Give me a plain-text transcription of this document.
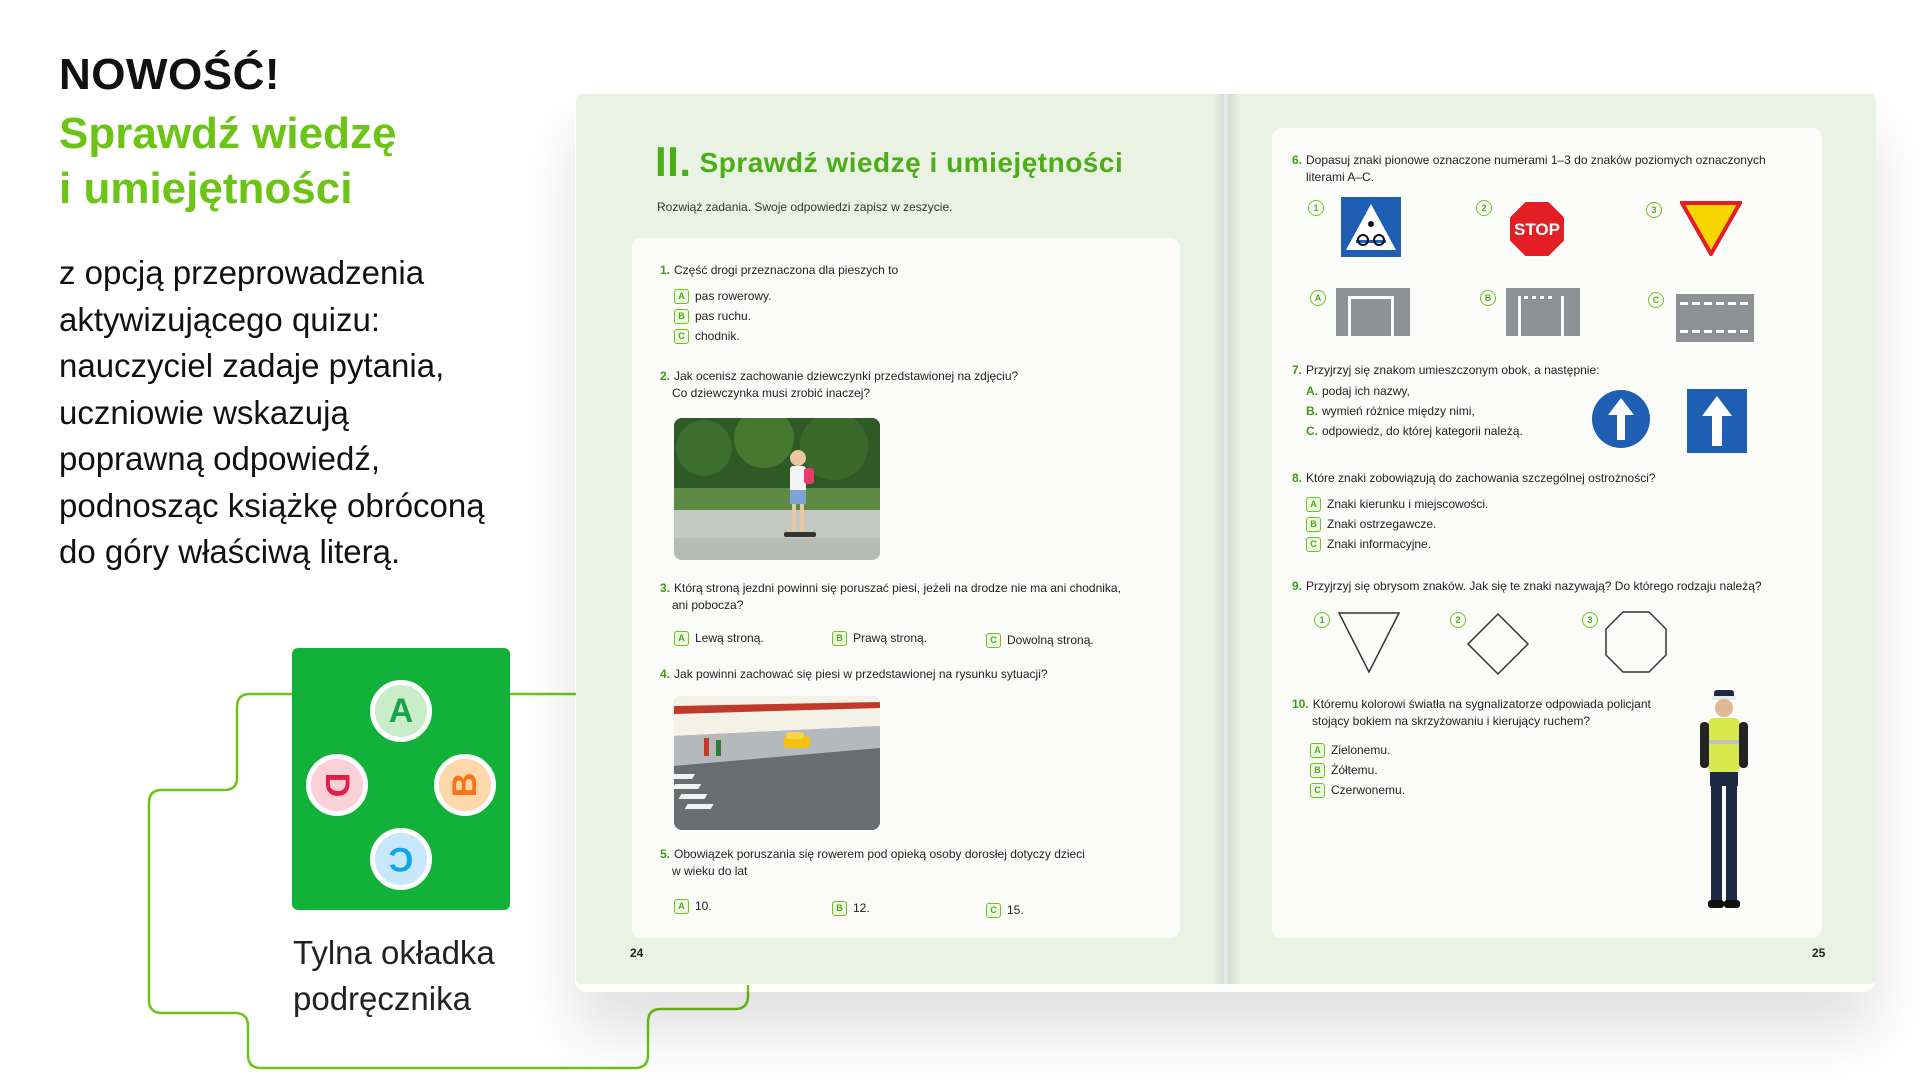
NOWOŚĆ!
Sprawdź wiedzę
i umiejętności
z opcją przeprowadzenia
aktywizującego quizu:
nauczyciel zadaje pytania,
uczniowie wskazują
poprawną odpowiedź,
podnosząc książkę obróconą
do góry właściwą literą.
A
D	B
C
Tylna okładka
podręcznika
II. Sprawdź wiedzę i umiejętności
Rozwiąż zadania. Swoje odpowiedzi zapisz w zeszycie.
1. Część drogi przeznaczona dla pieszych to
A pas rowerowy.
B pas ruchu.
C chodnik.
2. Jak ocenisz zachowanie dziewczynki przedstawionej na zdjęciu?
Co dziewczynka musi zrobić inaczej?
3. Którą stroną jezdni powinni się poruszać piesi, jeżeli na drodze nie ma ani chodnika,
ani pobocza?
A Lewą stroną.	B Prawą stroną.	C Dowolną stroną.
4. Jak powinni zachować się piesi w przedstawionej na rysunku sytuacji?
5. Obowiązek poruszania się rowerem pod opieką osoby dorosłej dotyczy dzieci
w wieku do lat
A 10.	B 12.	C 15.
24
6. Dopasuj znaki pionowe oznaczone numerami 1–3 do znaków poziomych oznaczonych
literami A–C.
1	2	3
STOP
A	B	C
7. Przyjrzyj się znakom umieszczonym obok, a następnie:
A. podaj ich nazwy,
B. wymień różnice między nimi,
C. odpowiedz, do której kategorii należą.
8. Które znaki zobowiązują do zachowania szczególnej ostrożności?
A Znaki kierunku i miejscowości.
B Znaki ostrzegawcze.
C Znaki informacyjne.
9. Przyjrzyj się obrysom znaków. Jak się te znaki nazywają? Do którego rodzaju należą?
1	2	3
10. Któremu kolorowi światła na sygnalizatorze odpowiada policjant
stojący bokiem na skrzyżowaniu i kierujący ruchem?
A Zielonemu.
B Żółtemu.
C Czerwonemu.
25
